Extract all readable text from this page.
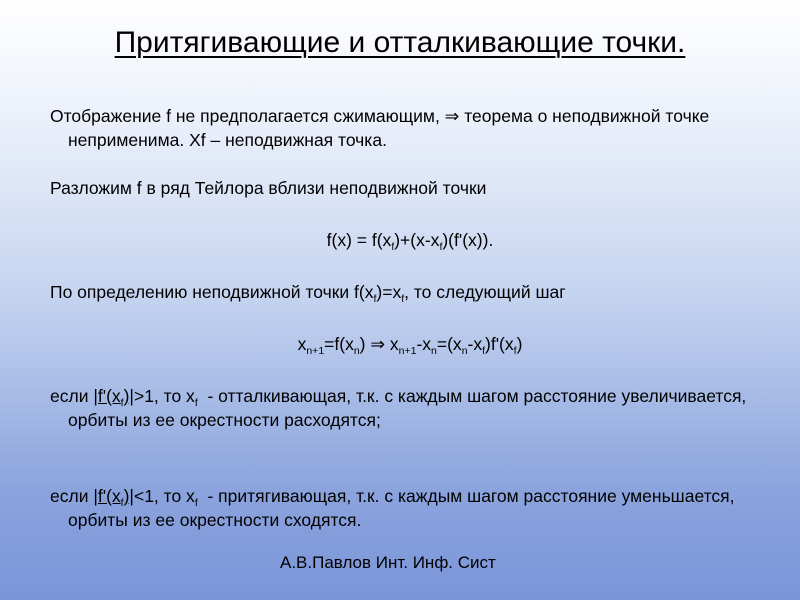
Притягивающие и отталкивающие точки.
Отображение f не предполагается сжимающим, ⇒ теорема о неподвижной точке неприменима. Xf – неподвижная точка.
Разложим f в ряд Тейлора вблизи неподвижной точки
$f(x) = f(x_f)+(x-x_f)(f'(x))$.
По определению неподвижной точки $f(x_f)=x_f$, то следующий шаг
$x_{n+1}=f(x_n)$ ⇒ $x_{n+1}-x_n=(x_n-x_f)f'(x_f)$
если $|f'(x_f)|>1$, то $x_f$  - отталкивающая, т.к. с каждым шагом расстояние увеличивается, орбиты из ее окрестности расходятся;
если $|f'(x_f)|<1$, то $x_f$  - притягивающая, т.к. с каждым шагом расстояние уменьшается, орбиты из ее окрестности сходятся.
А.В.Павлов Инт. Инф. Сист
